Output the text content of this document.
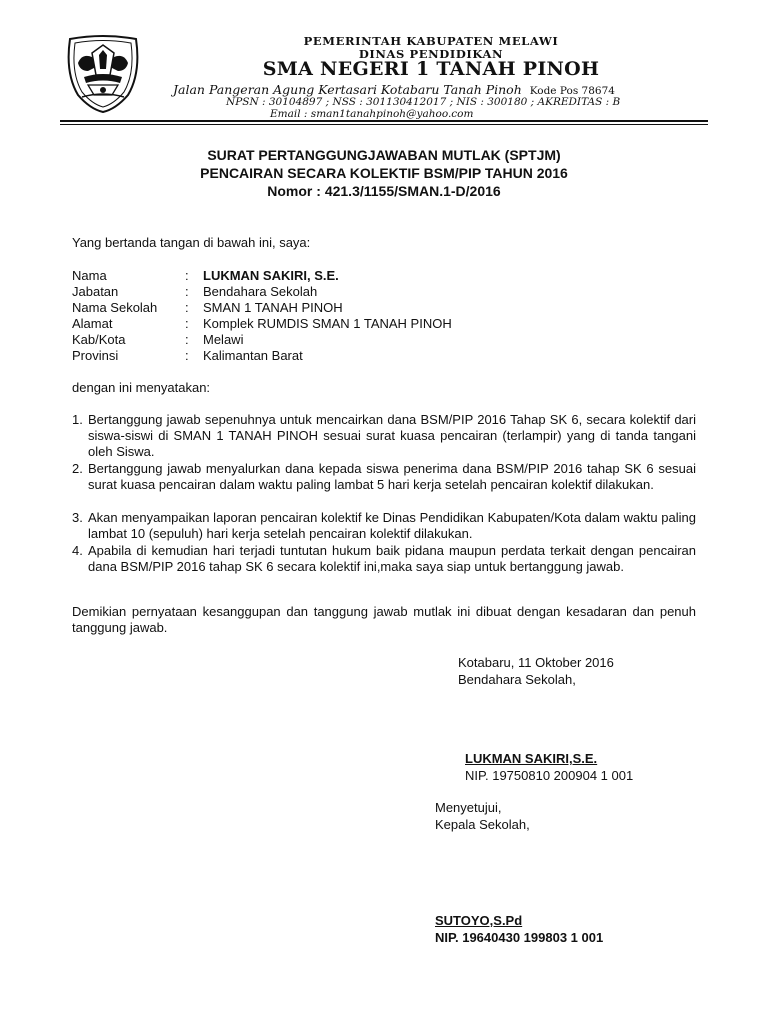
PEMERINTAH KABUPATEN MELAWI
DINAS PENDIDIKAN
SMA NEGERI 1 TANAH PINOH
Jalan Pangeran Agung Kertasari Kotabaru Tanah Pinoh Kode Pos 78674
NPSN : 30104897 ; NSS : 301130412017 ; NIS : 300180 ; AKREDITAS : B
Email : sman1tanahpinoh@yahoo.com
SURAT PERTANGGUNGJAWABAN MUTLAK (SPTJM)
PENCAIRAN SECARA KOLEKTIF BSM/PIP TAHUN 2016
Nomor : 421.3/1155/SMAN.1-D/2016
Yang bertanda tangan di bawah ini, saya:
Nama	: LUKMAN SAKIRI, S.E.
Jabatan	: Bendahara Sekolah
Nama Sekolah	: SMAN 1 TANAH PINOH
Alamat	: Komplek RUMDIS SMAN 1 TANAH PINOH
Kab/Kota	: Melawi
Provinsi	: Kalimantan Barat
dengan ini menyatakan:
1. Bertanggung jawab sepenuhnya untuk mencairkan dana BSM/PIP 2016 Tahap SK 6, secara kolektif dari siswa-siswi di SMAN 1 TANAH PINOH sesuai surat kuasa pencairan (terlampir) yang di tanda tangani oleh Siswa.
2. Bertanggung jawab menyalurkan dana kepada siswa penerima dana BSM/PIP 2016 tahap SK 6 sesuai surat kuasa pencairan dalam waktu paling lambat 5 hari kerja setelah pencairan kolektif dilakukan.
3. Akan menyampaikan laporan pencairan kolektif ke Dinas Pendidikan Kabupaten/Kota dalam waktu paling lambat 10 (sepuluh) hari kerja setelah pencairan kolektif dilakukan.
4. Apabila di kemudian hari terjadi tuntutan hukum baik pidana maupun perdata terkait dengan pencairan dana BSM/PIP 2016 tahap SK 6 secara kolektif ini,maka saya siap untuk bertanggung jawab.
Demikian pernyataan kesanggupan dan tanggung jawab mutlak ini dibuat dengan kesadaran dan penuh tanggung jawab.
Kotabaru, 11 Oktober 2016
Bendahara Sekolah,
LUKMAN SAKIRI,S.E.
NIP. 19750810 200904 1 001
Menyetujui,
Kepala Sekolah,
SUTOYO,S.Pd
NIP. 19640430 199803 1 001
